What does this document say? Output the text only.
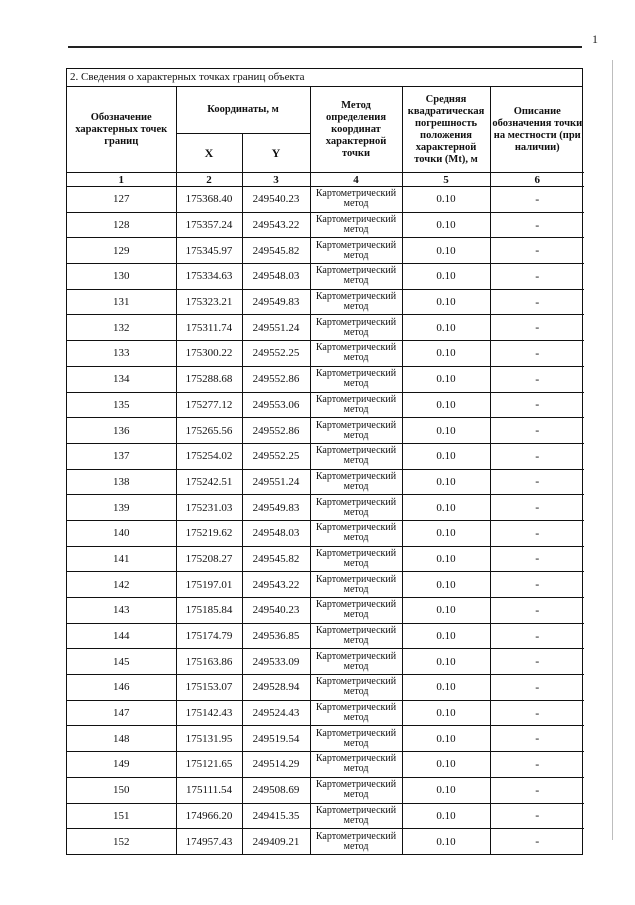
1
2. Сведения о характерных точках границ объекта
Обозначение характерных точек границ	Координаты, м		Метод определения координат характерной точки	Средняя квадратическая погрешность положения характерной точки (Mt), м	Описание обозначения точки на местности (при наличии)
	X	Y			
1	2	3	4	5	6
127	175368.40	249540.23	Картометрический метод	0.10	-
128	175357.24	249543.22	Картометрический метод	0.10	-
129	175345.97	249545.82	Картометрический метод	0.10	-
130	175334.63	249548.03	Картометрический метод	0.10	-
131	175323.21	249549.83	Картометрический метод	0.10	-
132	175311.74	249551.24	Картометрический метод	0.10	-
133	175300.22	249552.25	Картометрический метод	0.10	-
134	175288.68	249552.86	Картометрический метод	0.10	-
135	175277.12	249553.06	Картометрический метод	0.10	-
136	175265.56	249552.86	Картометрический метод	0.10	-
137	175254.02	249552.25	Картометрический метод	0.10	-
138	175242.51	249551.24	Картометрический метод	0.10	-
139	175231.03	249549.83	Картометрический метод	0.10	-
140	175219.62	249548.03	Картометрический метод	0.10	-
141	175208.27	249545.82	Картометрический метод	0.10	-
142	175197.01	249543.22	Картометрический метод	0.10	-
143	175185.84	249540.23	Картометрический метод	0.10	-
144	175174.79	249536.85	Картометрический метод	0.10	-
145	175163.86	249533.09	Картометрический метод	0.10	-
146	175153.07	249528.94	Картометрический метод	0.10	-
147	175142.43	249524.43	Картометрический метод	0.10	-
148	175131.95	249519.54	Картометрический метод	0.10	-
149	175121.65	249514.29	Картометрический метод	0.10	-
150	175111.54	249508.69	Картометрический метод	0.10	-
151	174966.20	249415.35	Картометрический метод	0.10	-
152	174957.43	249409.21	Картометрический метод	0.10	-
